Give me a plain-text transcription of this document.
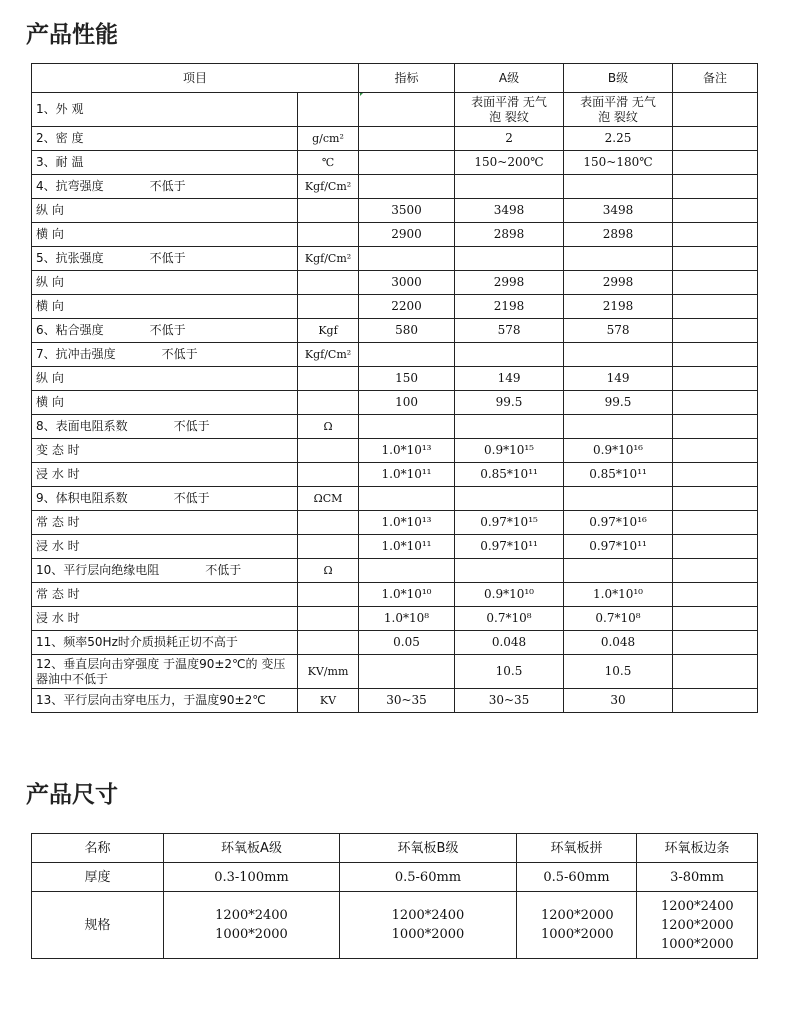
产品性能
项目		指标	A级	B级	备注
1、外 观			表面平滑 无气泡 裂纹	表面平滑 无气泡 裂纹	
2、密 度	g/cm²		2	2.25	
3、耐 温	℃		150~200℃	150~180℃	
4、抗弯强度 不低于	Kgf/Cm²				
纵 向		3500	3498	3498	
横 向		2900	2898	2898	
5、抗张强度 不低于	Kgf/Cm²				
纵 向		3000	2998	2998	
横 向		2200	2198	2198	
6、粘合强度 不低于	Kgf	580	578	578	
7、抗冲击强度 不低于	Kgf/Cm²				
纵 向		150	149	149	
横 向		100	99.5	99.5	
8、表面电阻系数 不低于	Ω				
变 态 时		1.0*10¹³	0.9*10¹⁵	0.9*10¹⁶	
浸 水 时		1.0*10¹¹	0.85*10¹¹	0.85*10¹¹	
9、体积电阻系数 不低于	ΩCM				
常 态 时		1.0*10¹³	0.97*10¹⁵	0.97*10¹⁶	
浸 水 时		1.0*10¹¹	0.97*10¹¹	0.97*10¹¹	
10、平行层向绝缘电阻 不低于	Ω				
常 态 时		1.0*10¹⁰	0.9*10¹⁰	1.0*10¹⁰	
浸 水 时		1.0*10⁸	0.7*10⁸	0.7*10⁸	
11、频率50Hz时介质损耗正切不高于		0.05	0.048	0.048	
12、垂直层向击穿强度 于温度90±2℃的 变压器油中不低于	KV/mm		10.5	10.5	
13、平行层向击穿电压力，于温度90±2℃	KV	30~35	30~35	30	
产品尺寸
名称	环氧板A级	环氧板B级	环氧板拼	环氧板边条
厚度	0.3-100mm	0.5-60mm	0.5-60mm	3-80mm
规格	1200*2400 1000*2000	1200*2400 1000*2000	1200*2000 1000*2000	1200*2400 1200*2000 1000*2000
